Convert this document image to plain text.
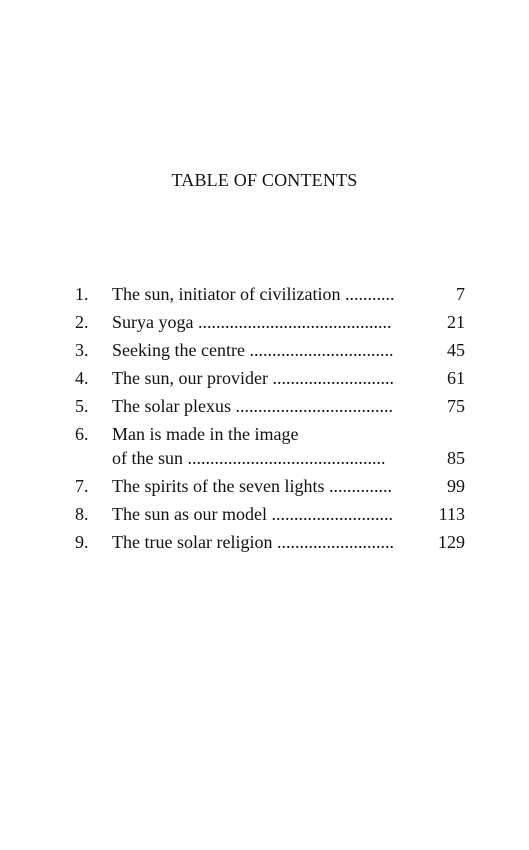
TABLE OF CONTENTS
1. The sun, initiator of civilization ...........	7
2. Surya yoga ...........................................	21
3. Seeking the centre ................................	45
4. The sun, our provider ...........................	61
5. The solar plexus ...................................	75
6. Man is made in the image
of the sun ............................................	85
7. The spirits of the seven lights ..............	99
8. The sun as our model ...........................	113
9. The true solar religion ..........................	129
